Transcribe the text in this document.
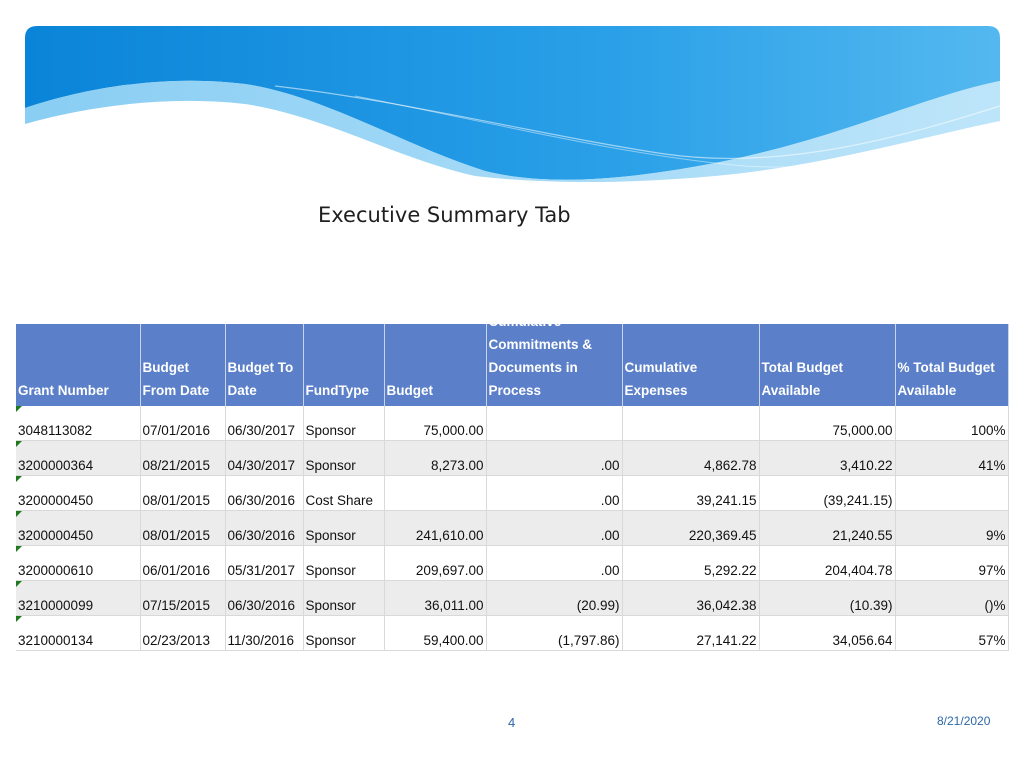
Executive Summary Tab
Grant Number	Budget From Date	Budget To Date	FundType	Budget	Cumulative Commitments & Documents in Process	Cumulative Expenses	Total Budget Available	% Total Budget Available

3048113082	07/01/2016	06/30/2017	Sponsor	75,000.00			75,000.00	100%

3200000364	08/21/2015	04/30/2017	Sponsor	8,273.00	.00	4,862.78	3,410.22	41%

3200000450	08/01/2015	06/30/2016	Cost Share		.00	39,241.15	(39,241.15)	

3200000450	08/01/2015	06/30/2016	Sponsor	241,610.00	.00	220,369.45	21,240.55	9%

3200000610	06/01/2016	05/31/2017	Sponsor	209,697.00	.00	5,292.22	204,404.78	97%

3210000099	07/15/2015	06/30/2016	Sponsor	36,011.00	(20.99)	36,042.38	(10.39)	()%

3210000134	02/23/2013	11/30/2016	Sponsor	59,400.00	(1,797.86)	27,141.22	34,056.64	57%
4	8/21/2020
